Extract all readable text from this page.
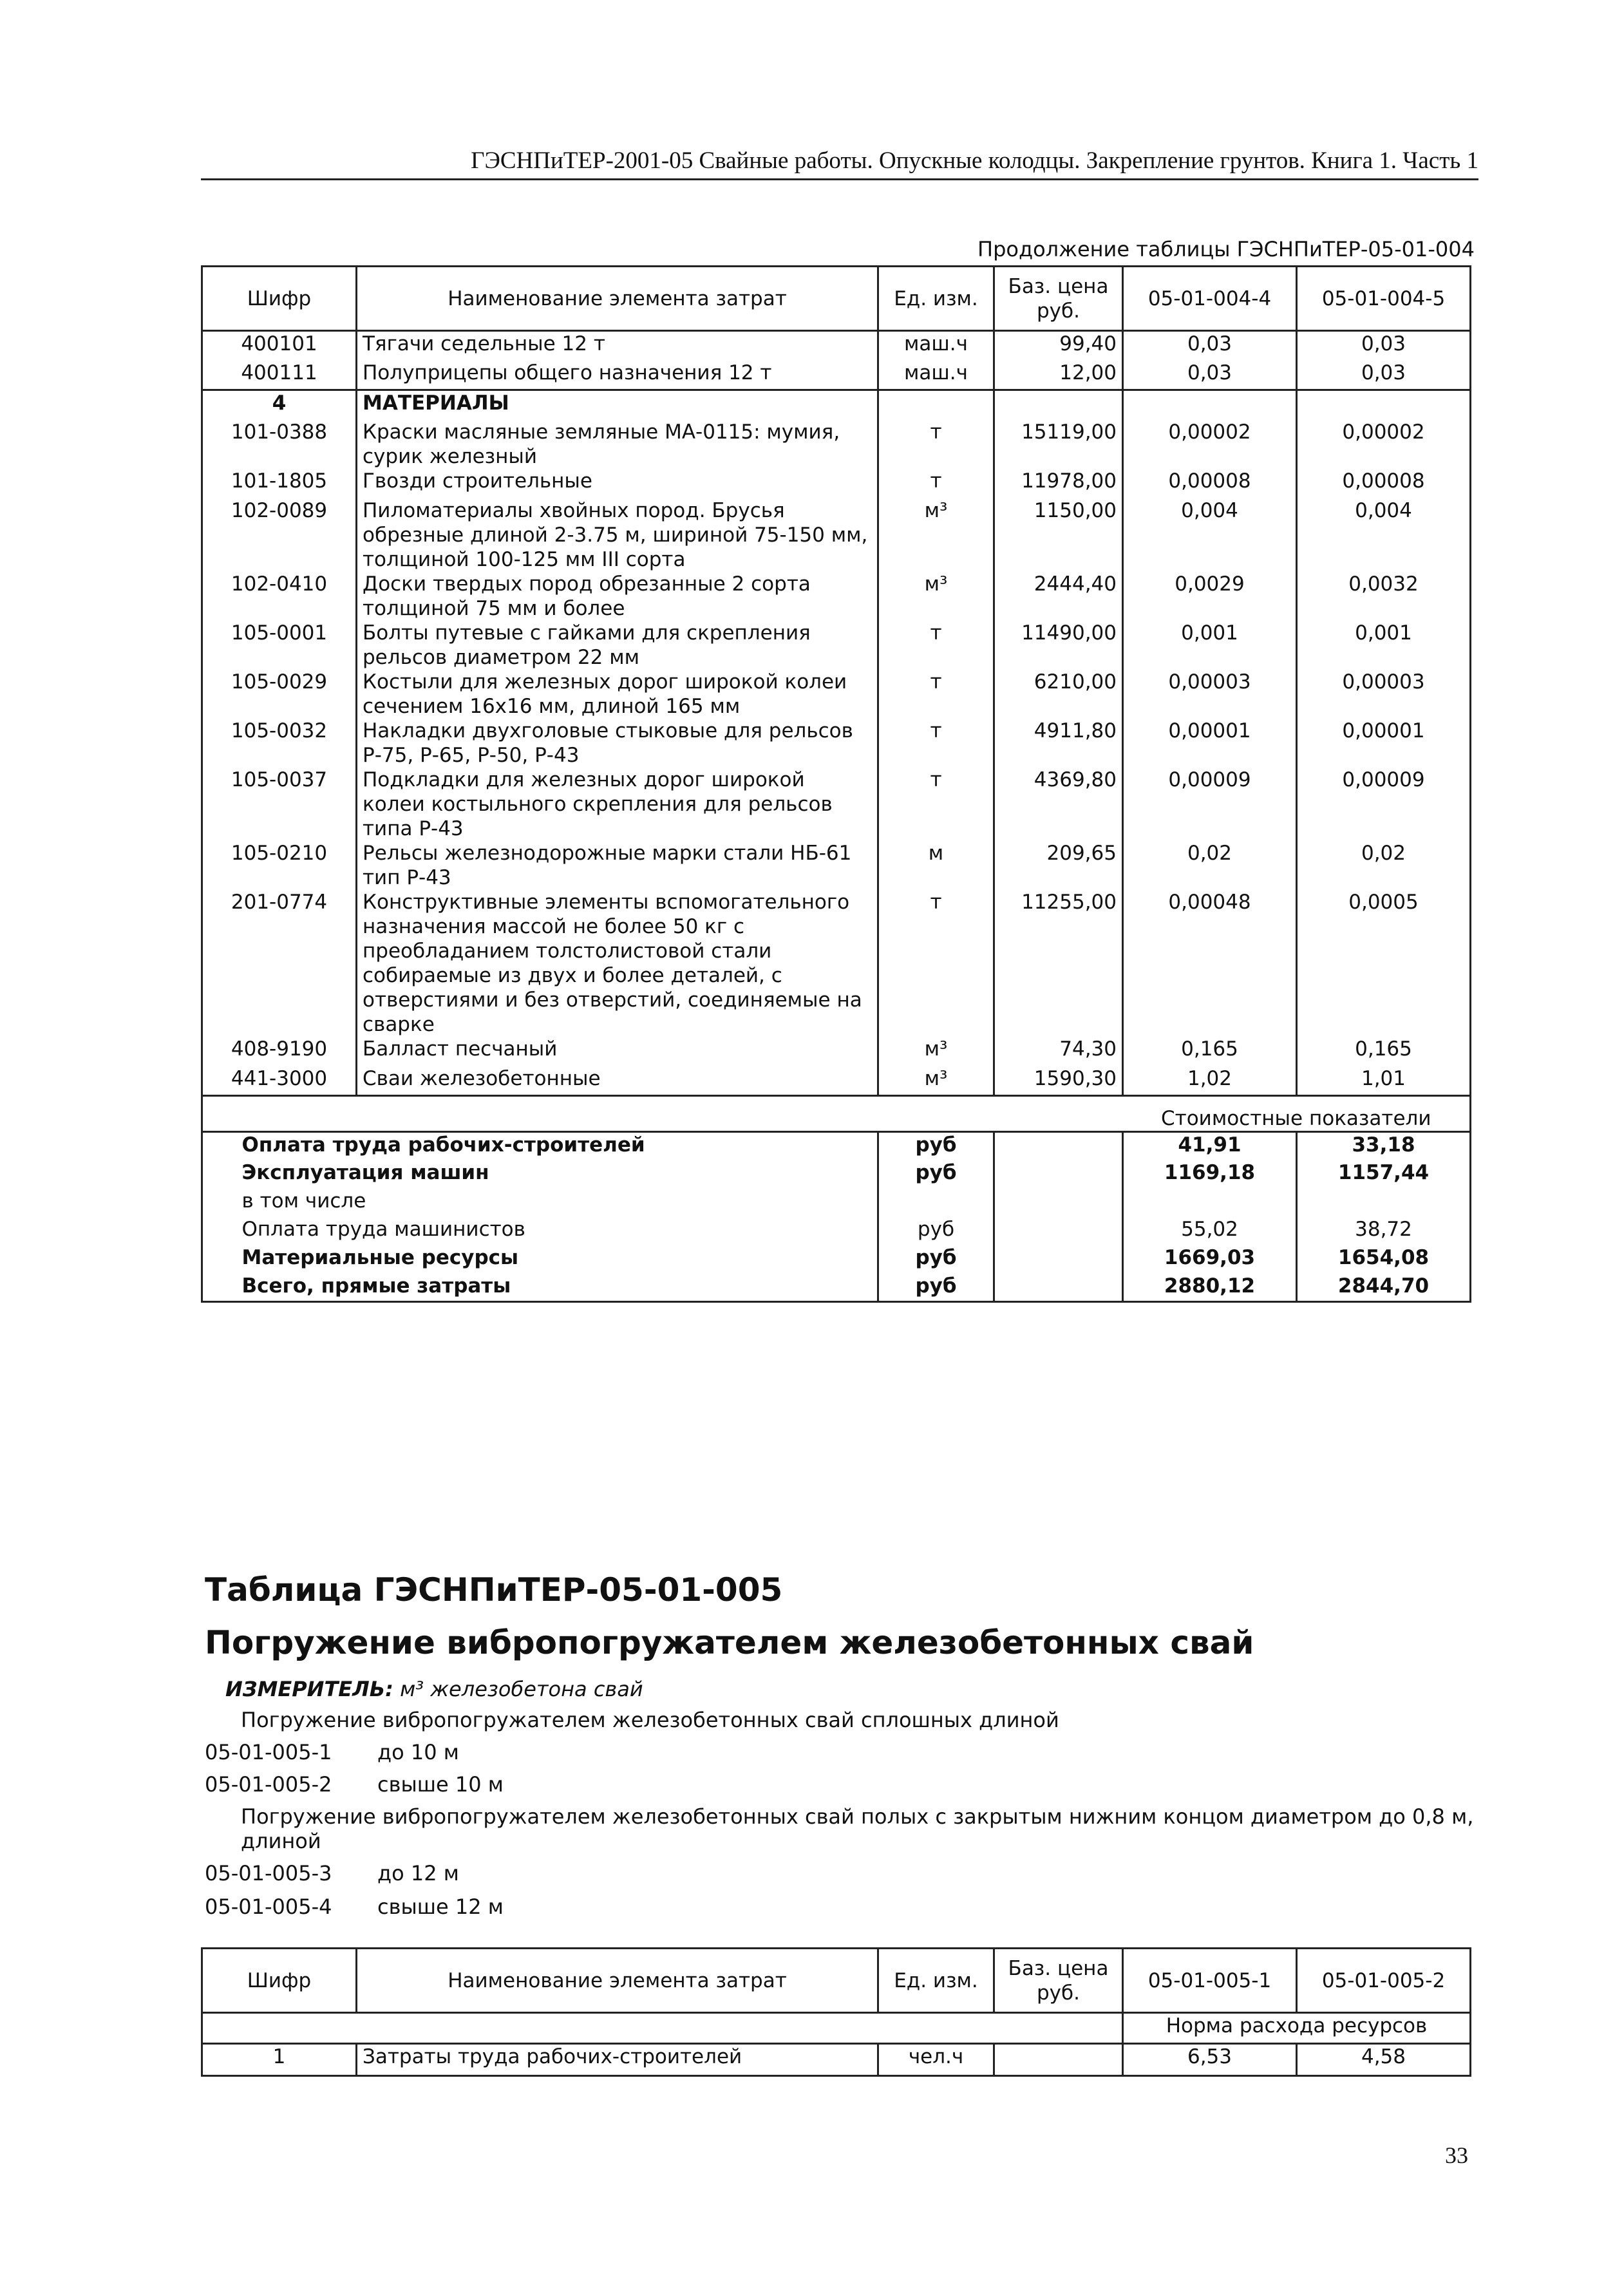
ГЭСНПиТЕР-2001-05 Свайные работы. Опускные колодцы. Закрепление грунтов. Книга 1. Часть 1
Продолжение таблицы ГЭСНПиТЕР-05-01-004
Шифр	Наименование элемента затрат	Ед. изм.	Баз. цена руб.	05-01-004-4	05-01-004-5
400101	Тягачи седельные 12 т	маш.ч	99,40	0,03	0,03
400111	Полуприцепы общего назначения 12 т	маш.ч	12,00	0,03	0,03
4	МАТЕРИАЛЫ				
101-0388	Краски масляные земляные МА-0115: мумия, сурик железный	т	15119,00	0,00002	0,00002
101-1805	Гвозди строительные	т	11978,00	0,00008	0,00008
102-0089	Пиломатериалы хвойных пород. Брусья обрезные длиной 2-3.75 м, шириной 75-150 мм, толщиной 100-125 мм III сорта	м³	1150,00	0,004	0,004
102-0410	Доски твердых пород обрезанные 2 сорта толщиной 75 мм и более	м³	2444,40	0,0029	0,0032
105-0001	Болты путевые с гайками для скрепления рельсов диаметром 22 мм	т	11490,00	0,001	0,001
105-0029	Костыли для железных дорог широкой колеи сечением 16х16 мм, длиной 165 мм	т	6210,00	0,00003	0,00003
105-0032	Накладки двухголовые стыковые для рельсов Р-75, Р-65, Р-50, Р-43	т	4911,80	0,00001	0,00001
105-0037	Подкладки для железных дорог широкой колеи костыльного скрепления для рельсов типа Р-43	т	4369,80	0,00009	0,00009
105-0210	Рельсы железнодорожные марки стали НБ-61 тип Р-43	м	209,65	0,02	0,02
201-0774	Конструктивные элементы вспомогательного назначения массой не более 50 кг с преобладанием толстолистовой стали собираемые из двух и более деталей, с отверстиями и без отверстий, соединяемые на сварке	т	11255,00	0,00048	0,0005
408-9190	Балласт песчаный	м³	74,30	0,165	0,165
441-3000	Сваи железобетонные	м³	1590,30	1,02	1,01
				Стоимостные показатели	
	Оплата труда рабочих-строителей	руб		41,91	33,18
	Эксплуатация машин	руб		1169,18	1157,44
	в том числе				
	Оплата труда машинистов	руб		55,02	38,72
	Материальные ресурсы	руб		1669,03	1654,08
	Всего, прямые затраты	руб		2880,12	2844,70
Таблица ГЭСНПиТЕР-05-01-005
Погружение вибропогружателем железобетонных свай
ИЗМЕРИТЕЛЬ: м³ железобетона свай
Погружение вибропогружателем железобетонных свай сплошных длиной
05-01-005-1 до 10 м
05-01-005-2 свыше 10 м
Погружение вибропогружателем железобетонных свай полых с закрытым нижним концом диаметром до 0,8 м,
длиной
05-01-005-3 до 12 м
05-01-005-4 свыше 12 м
Шифр	Наименование элемента затрат	Ед. изм.	Баз. цена руб.	05-01-005-1	05-01-005-2
				Норма расхода ресурсов	
1	Затраты труда рабочих-строителей	чел.ч		6,53	4,58
33
